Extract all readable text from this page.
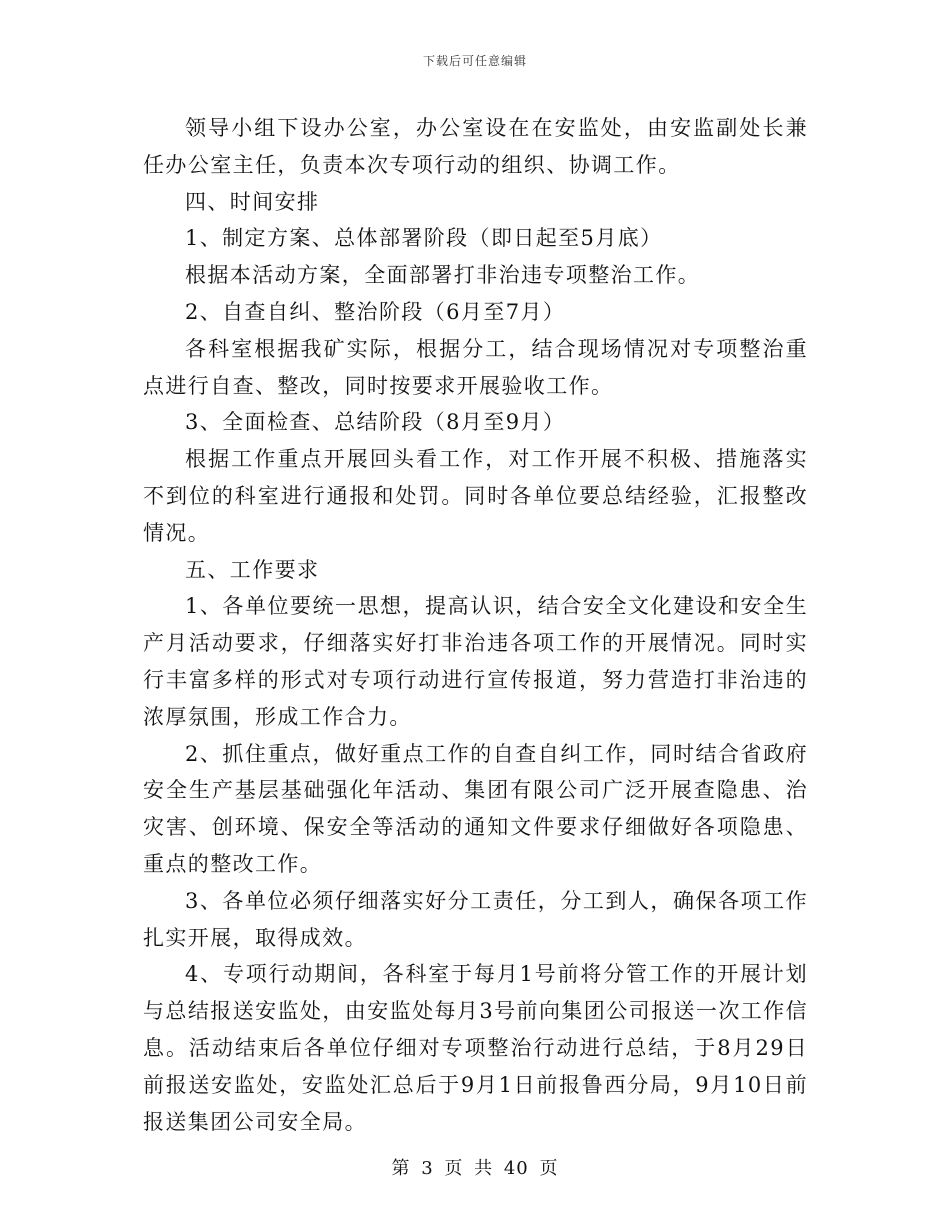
下载后可任意编辑

领导小组下设办公室，办公室设在在安监处，由安监副处长兼任办公室主任，负责本次专项行动的组织、协调工作。

四、时间安排

1、制定方案、总体部署阶段（即日起至5月底）

根据本活动方案，全面部署打非治违专项整治工作。

2、自查自纠、整治阶段（6月至7月）

各科室根据我矿实际，根据分工，结合现场情况对专项整治重点进行自查、整改，同时按要求开展验收工作。

3、全面检查、总结阶段（8月至9月）

根据工作重点开展回头看工作，对工作开展不积极、措施落实不到位的科室进行通报和处罚。同时各单位要总结经验，汇报整改情况。

五、工作要求

1、各单位要统一思想，提高认识，结合安全文化建设和安全生产月活动要求，仔细落实好打非治违各项工作的开展情况。同时实行丰富多样的形式对专项行动进行宣传报道，努力营造打非治违的浓厚氛围，形成工作合力。

2、抓住重点，做好重点工作的自查自纠工作，同时结合省政府安全生产基层基础强化年活动、集团有限公司广泛开展查隐患、治灾害、创环境、保安全等活动的通知文件要求仔细做好各项隐患、重点的整改工作。

3、各单位必须仔细落实好分工责任，分工到人，确保各项工作扎实开展，取得成效。

4、专项行动期间，各科室于每月1号前将分管工作的开展计划与总结报送安监处，由安监处每月3号前向集团公司报送一次工作信息。活动结束后各单位仔细对专项整治行动进行总结，于8月29日前报送安监处，安监处汇总后于9月1日前报鲁西分局，9月10日前报送集团公司安全局。

第 3 页 共 40 页
